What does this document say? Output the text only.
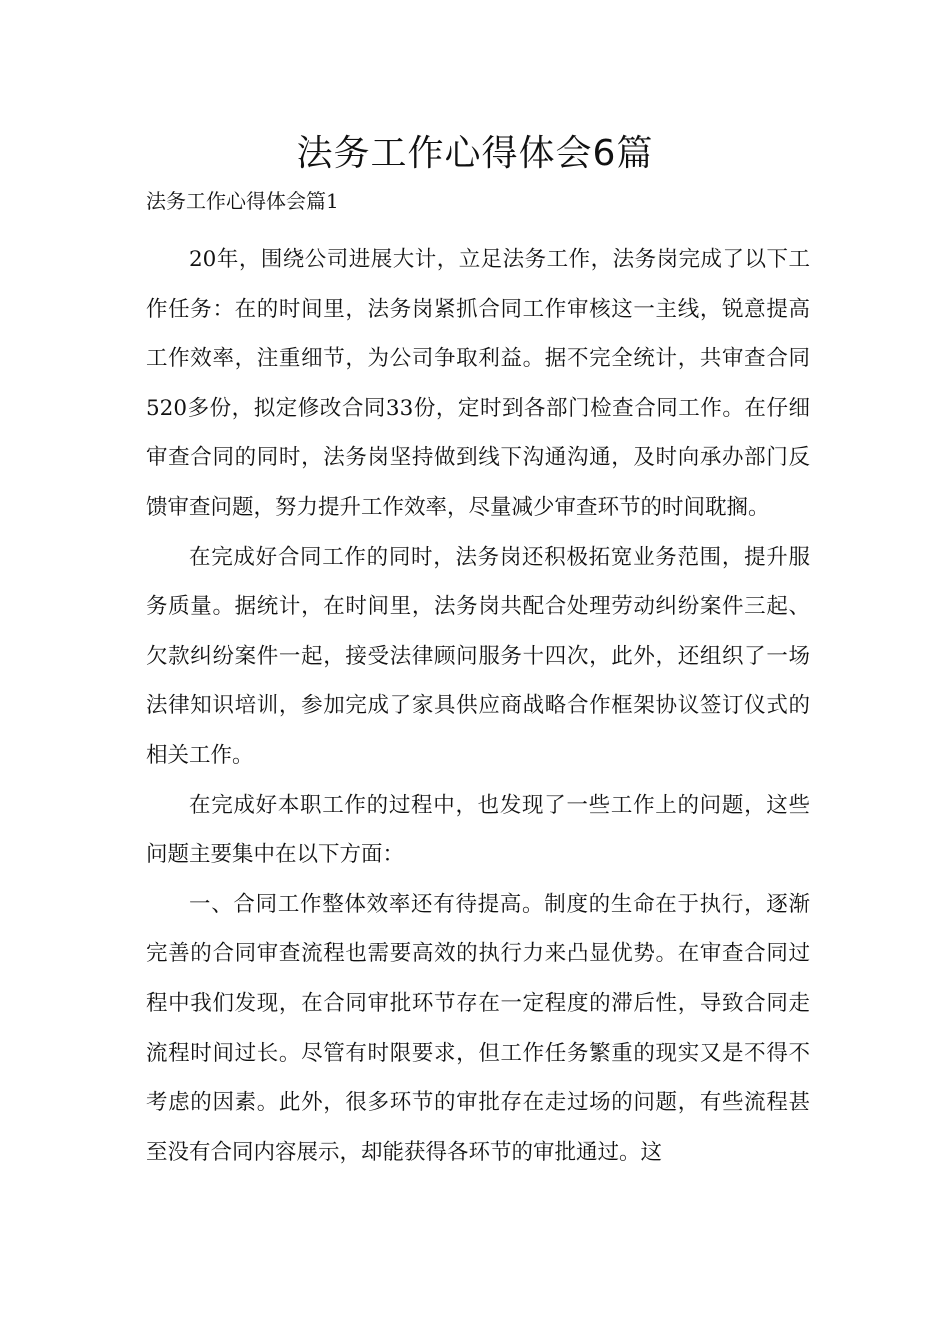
法务工作心得体会6篇
法务工作心得体会篇1

20年，围绕公司进展大计，立足法务工作，法务岗完成了以下工作任务：在的时间里，法务岗紧抓合同工作审核这一主线，锐意提高工作效率，注重细节，为公司争取利益。据不完全统计，共审查合同520多份，拟定修改合同33份，定时到各部门检查合同工作。在仔细审查合同的同时，法务岗坚持做到线下沟通沟通，及时向承办部门反馈审查问题，努力提升工作效率，尽量减少审查环节的时间耽搁。

在完成好合同工作的同时，法务岗还积极拓宽业务范围，提升服务质量。据统计，在时间里，法务岗共配合处理劳动纠纷案件三起、欠款纠纷案件一起，接受法律顾问服务十四次，此外，还组织了一场法律知识培训，参加完成了家具供应商战略合作框架协议签订仪式的相关工作。

在完成好本职工作的过程中，也发现了一些工作上的问题，这些问题主要集中在以下方面：

一、合同工作整体效率还有待提高。制度的生命在于执行，逐渐完善的合同审查流程也需要高效的执行力来凸显优势。在审查合同过程中我们发现，在合同审批环节存在一定程度的滞后性，导致合同走流程时间过长。尽管有时限要求，但工作任务繁重的现实又是不得不考虑的因素。此外，很多环节的审批存在走过场的问题，有些流程甚至没有合同内容展示，却能获得各环节的审批通过。这
